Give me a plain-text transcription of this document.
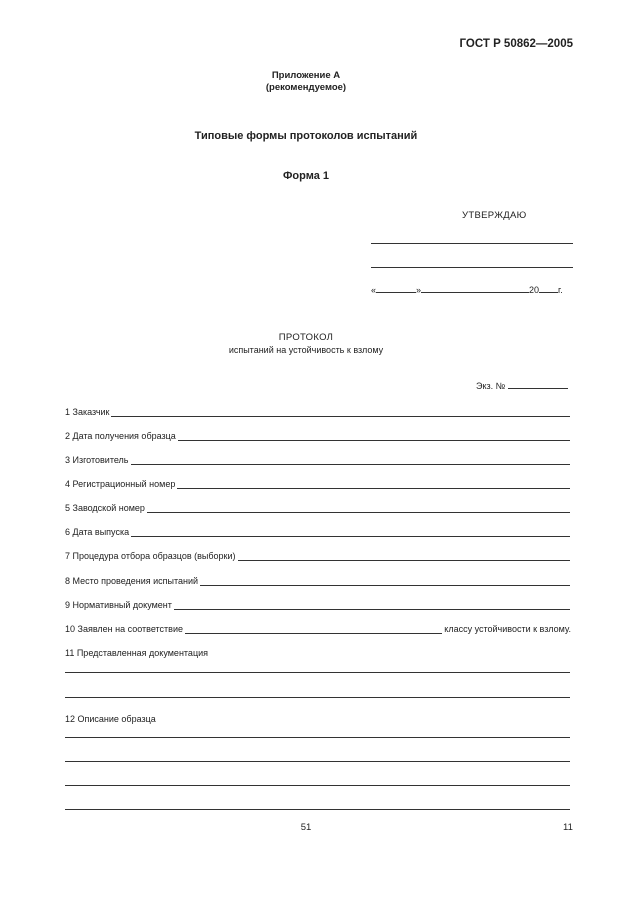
ГОСТ Р 50862—2005
Приложение А
(рекомендуемое)
Типовые формы протоколов испытаний
Форма 1
УТВЕРЖДАЮ
«	»	20 г.
ПРОТОКОЛ
испытаний на устойчивость к взлому
Экз. №
1 Заказчик
2 Дата получения образца
3 Изготовитель
4 Регистрационный номер
5 Заводской номер
6 Дата выпуска
7 Процедура отбора образцов (выборки)
8 Место проведения испытаний
9 Нормативный документ
10 Заявлен на соответствие	классу устойчивости к взлому.
11 Представленная документация
12 Описание образца
51	11
